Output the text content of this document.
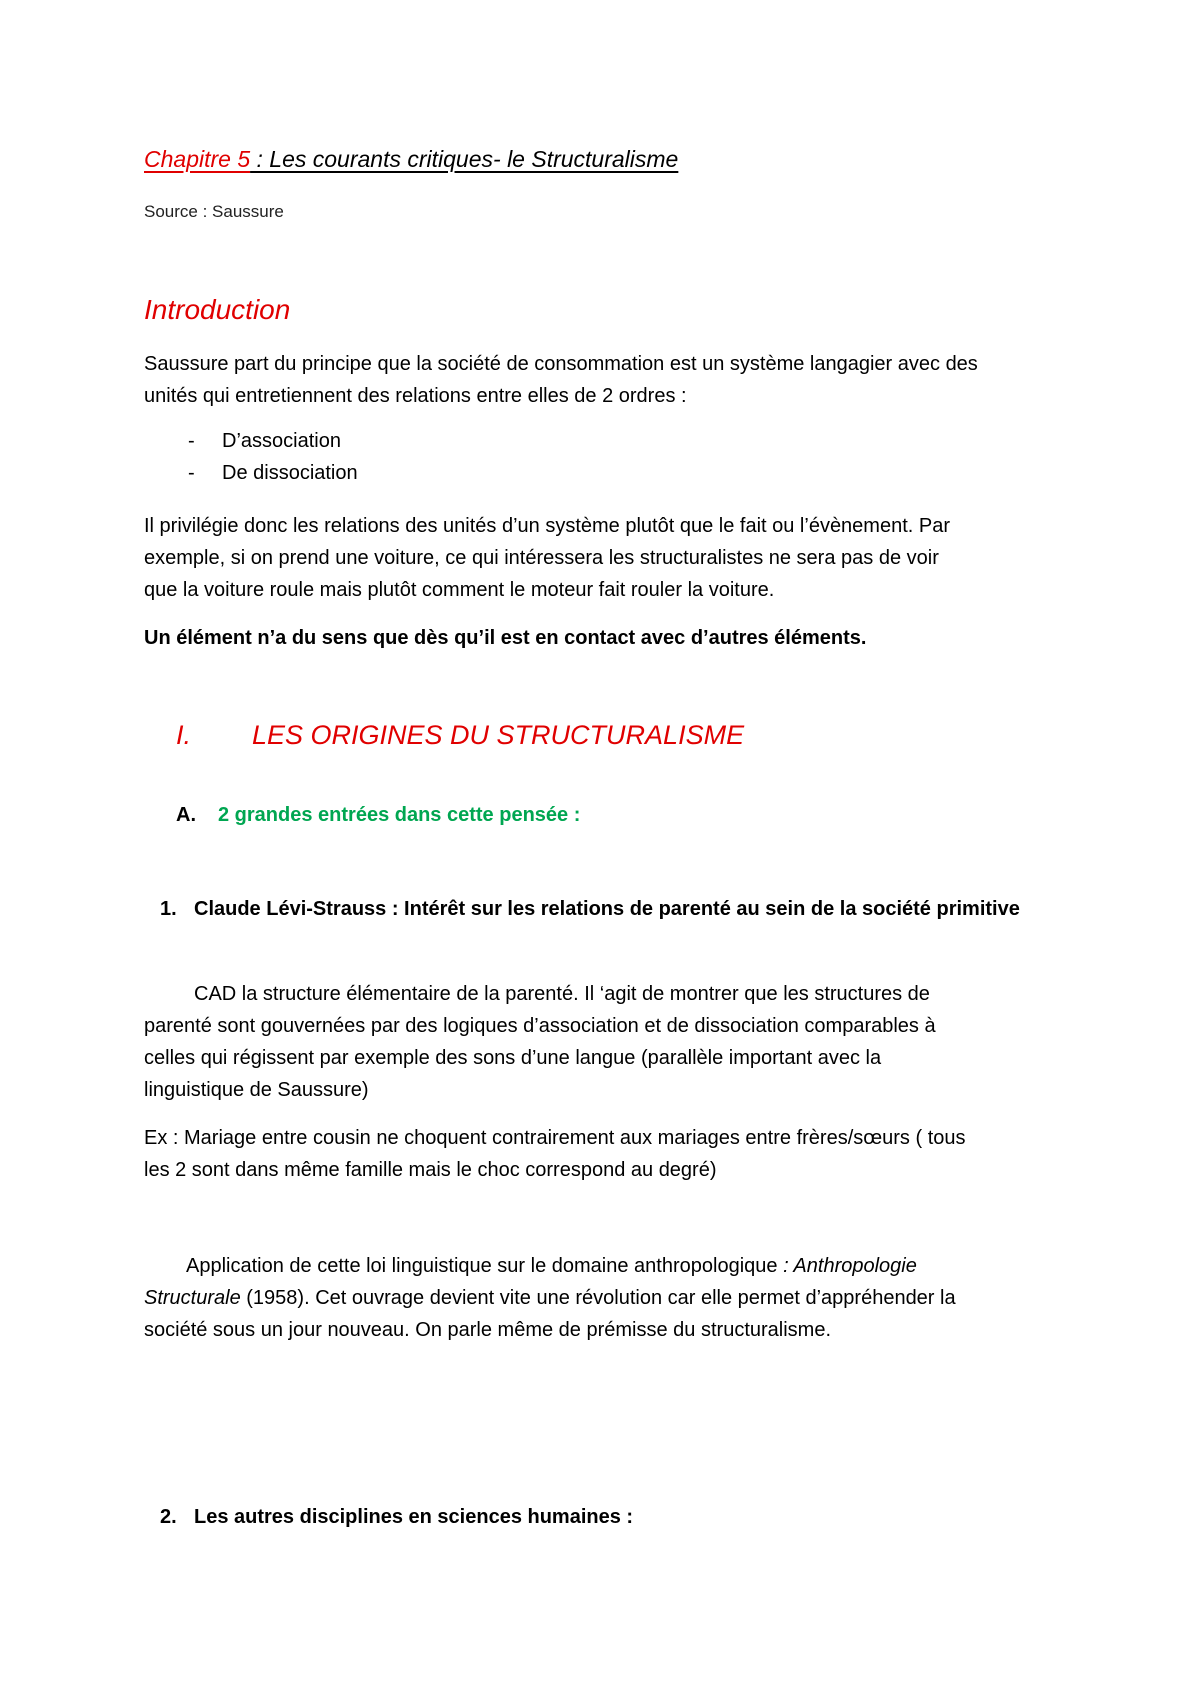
Chapitre 5 : Les courants critiques- le Structuralisme
Source : Saussure
Introduction
Saussure part du principe que la société de consommation est un système langagier avec des
unités qui entretiennent des relations entre elles de 2 ordres :
- D’association
- De dissociation
Il privilégie donc les relations des unités d’un système plutôt que le fait ou l’évènement. Par
exemple, si on prend une voiture, ce qui intéressera les structuralistes ne sera pas de voir
que la voiture roule mais plutôt comment le moteur fait rouler la voiture.
Un élément n’a du sens que dès qu’il est en contact avec d’autres éléments.
I. LES ORIGINES DU STRUCTURALISME
A. 2 grandes entrées dans cette pensée :
1. Claude Lévi-Strauss : Intérêt sur les relations de parenté au sein de la société primitive
CAD la structure élémentaire de la parenté. Il ‘agit de montrer que les structures de
parenté sont gouvernées par des logiques d’association et de dissociation comparables à
celles qui régissent par exemple des sons d’une langue (parallèle important avec la
linguistique de Saussure)
Ex : Mariage entre cousin ne choquent contrairement aux mariages entre frères/sœurs ( tous
les 2 sont dans même famille mais le choc correspond au degré)
Application de cette loi linguistique sur le domaine anthropologique : Anthropologie
Structurale (1958). Cet ouvrage devient vite une révolution car elle permet d’appréhender la
société sous un jour nouveau. On parle même de prémisse du structuralisme.
2. Les autres disciplines en sciences humaines :
